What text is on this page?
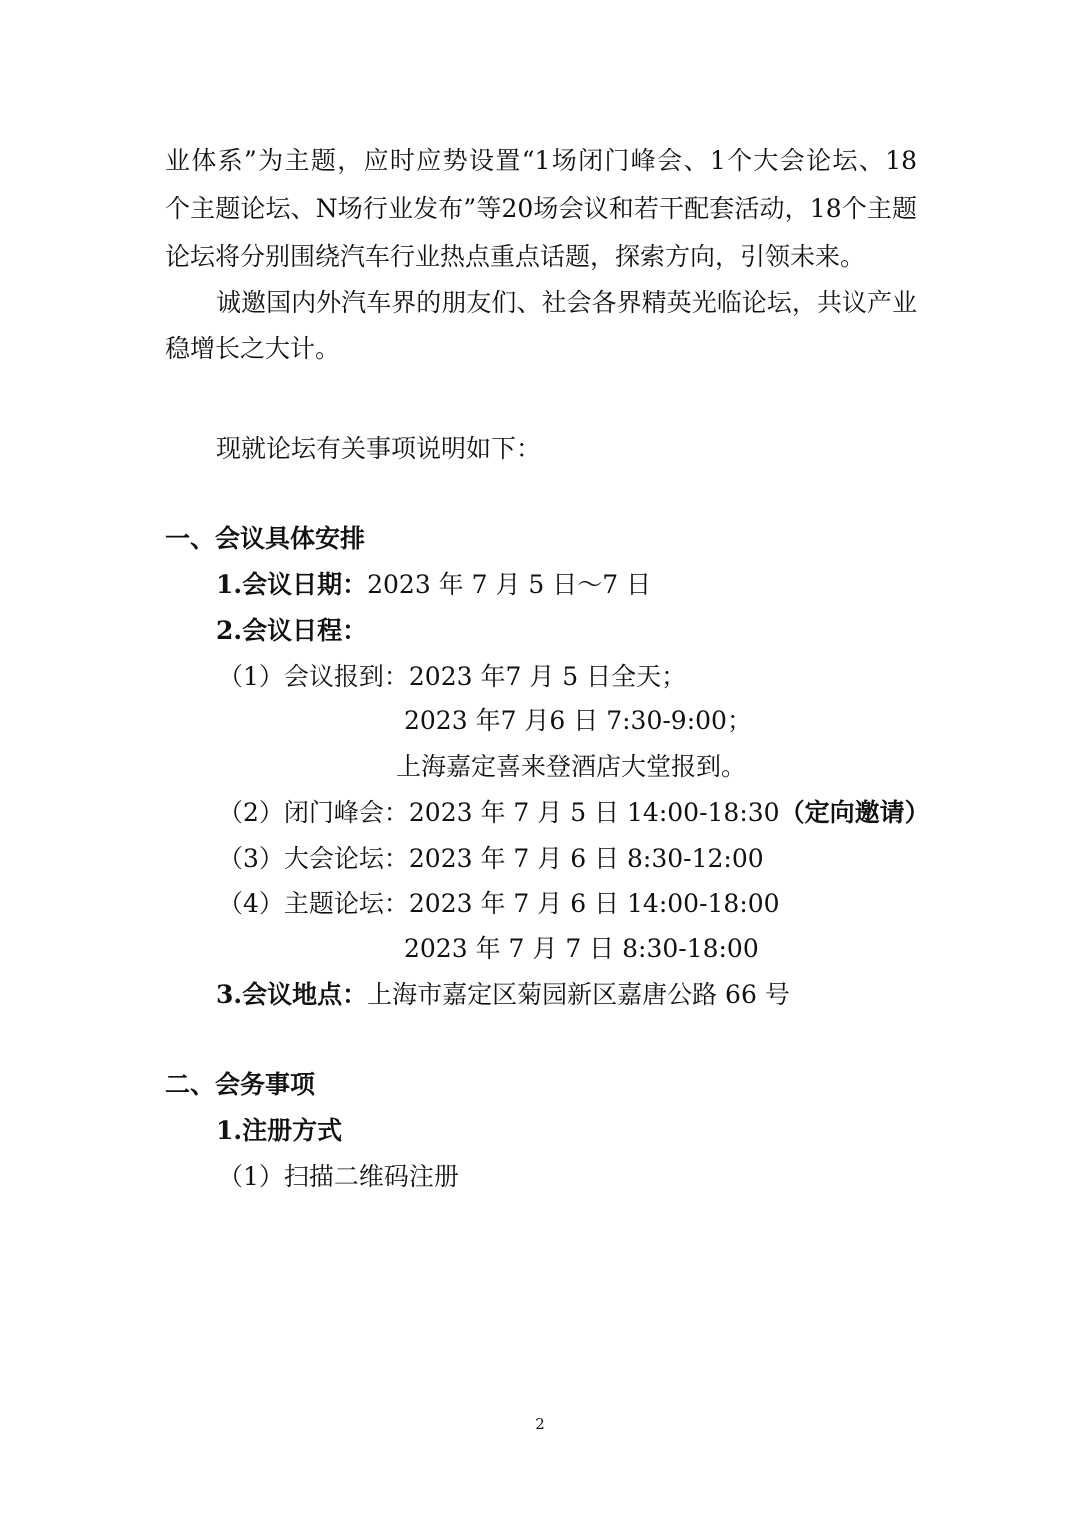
业体系”为主题，应时应势设置“1场闭门峰会、1个大会论坛、18
个主题论坛、N场行业发布”等20场会议和若干配套活动，18个主题
论坛将分别围绕汽车行业热点重点话题，探索方向，引领未来。
诚邀国内外汽车界的朋友们、社会各界精英光临论坛，共议产业
稳增长之大计。
现就论坛有关事项说明如下：
一、会议具体安排
1.会议日期：2023 年 7 月 5 日～7 日
2.会议日程：
（1）会议报到：2023 年7 月 5 日全天；
2023 年7 月6 日 7:30-9:00；
上海嘉定喜来登酒店大堂报到。
（2）闭门峰会：2023 年 7 月 5 日 14:00-18:30（定向邀请）
（3）大会论坛：2023 年 7 月 6 日 8:30-12:00
（4）主题论坛：2023 年 7 月 6 日 14:00-18:00
2023 年 7 月 7 日 8:30-18:00
3.会议地点：上海市嘉定区菊园新区嘉唐公路 66 号
二、会务事项
1.注册方式
（1）扫描二维码注册
2
